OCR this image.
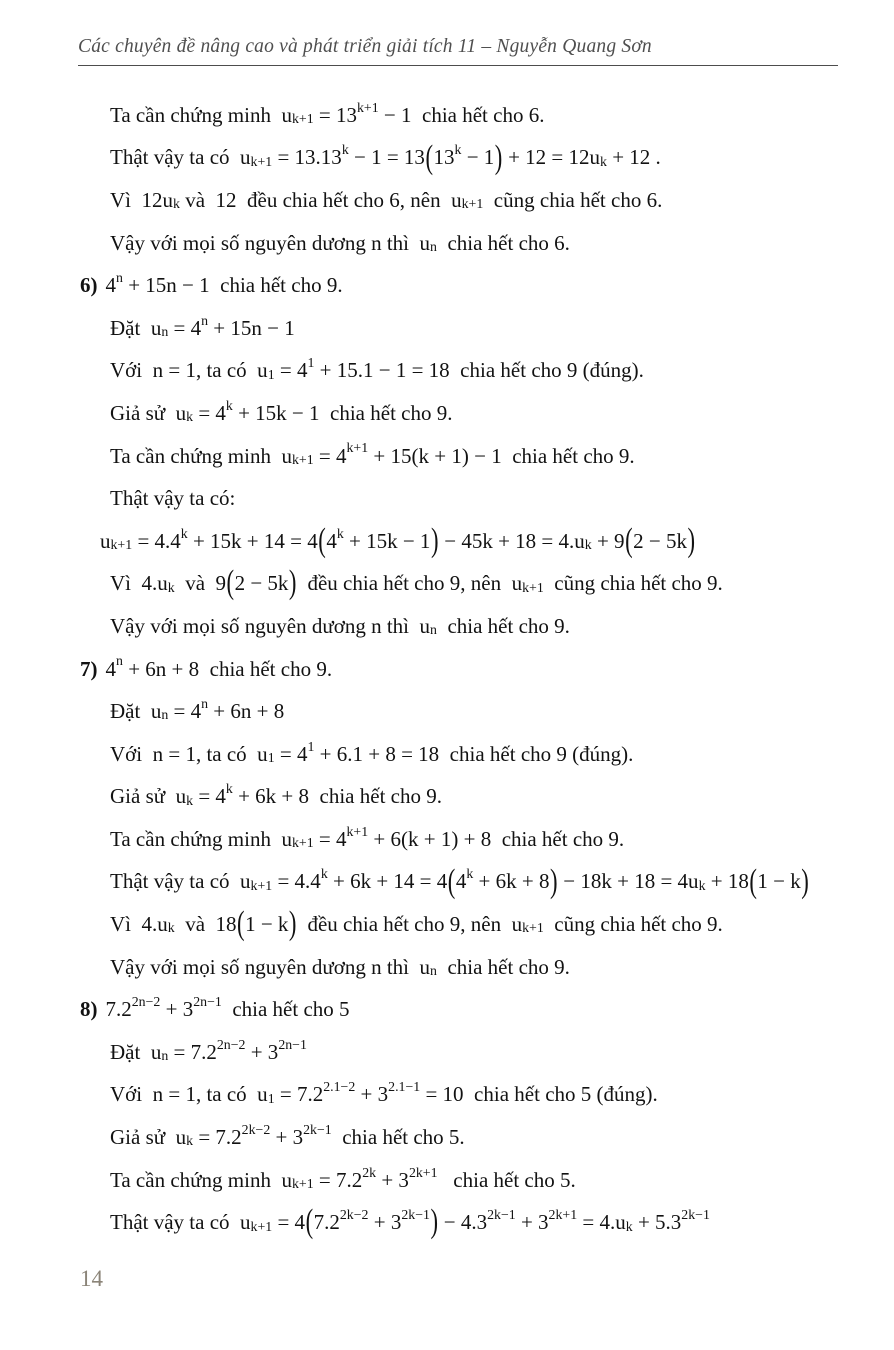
Các chuyên đề nâng cao và phát triển giải tích 11 – Nguyễn Quang Sơn
Ta cần chứng minh  $u_{k+1} = 13^{k+1} - 1$  chia hết cho 6.
Thật vậy ta có  $u_{k+1} = 13.13^k - 1 = 13$ ( $13^k - 1$ ) + $12 = 12u_k + 12$ .
Vì  $12u_k$ và  12  đều chia hết cho 6, nên  $u_{k+1}$ cũng chia hết cho 6.
Vậy với mọi số nguyên dương n thì  $u_n$ chia hết cho 6.
6) $4^n + 15n - 1$  chia hết cho 9.
Đặt  $u_n = 4^n + 15n - 1$
Với  n = 1, ta có  $u_1 = 4^1 + 15.1 - 1 = 18$  chia hết cho 9 (đúng).
Giả sử  $u_k = 4^k + 15k - 1$  chia hết cho 9.
Ta cần chứng minh  $u_{k+1} = 4^{k+1} + 15(k + 1) - 1$  chia hết cho 9.
Thật vậy ta có:
$u_{k+1} = 4.4^k + 15k + 14 = 4$ ( $4^k + 15k - 1$ ) − $45k + 18 = 4.u_k + 9$ ( 2 − 5k )
Vì  $4.u_k$ và  9 ( 2 − 5k ) đều chia hết cho 9, nên  $u_{k+1}$ cũng chia hết cho 9.
Vậy với mọi số nguyên dương n thì  $u_n$ chia hết cho 9.
7) $4^n + 6n + 8$  chia hết cho 9.
Đặt  $u_n = 4^n + 6n + 8$
Với  n = 1, ta có  $u_1 = 4^1 + 6.1 + 8 = 18$  chia hết cho 9 (đúng).
Giả sử  $u_k = 4^k + 6k + 8$  chia hết cho 9.
Ta cần chứng minh  $u_{k+1} = 4^{k+1} + 6(k + 1) + 8$  chia hết cho 9.
Thật vậy ta có  $u_{k+1} = 4.4^k + 6k + 14 = 4$ ( $4^k + 6k + 8$ ) − $18k + 18 = 4u_k + 18$ ( 1 − k )
Vì  $4.u_k$ và  18 ( 1 − k ) đều chia hết cho 9, nên  $u_{k+1}$ cũng chia hết cho 9.
Vậy với mọi số nguyên dương n thì  $u_n$ chia hết cho 9.
8) $7.2^{2n-2} + 3^{2n-1}$ chia hết cho 5
Đặt  $u_n = 7.2^{2n-2} + 3^{2n-1}$
Với  n = 1, ta có  $u_1 = 7.2^{2.1-2} + 3^{2.1-1} = 10$  chia hết cho 5 (đúng).
Giả sử  $u_k = 7.2^{2k-2} + 3^{2k-1}$ chia hết cho 5.
Ta cần chứng minh  $u_{k+1} = 7.2^{2k} + 3^{2k+1}$ chia hết cho 5.
Thật vậy ta có  $u_{k+1} = 4$ ( $7.2^{2k-2} + 3^{2k-1}$ ) − $4.3^{2k-1} + 3^{2k+1} = 4.u_k + 5.3^{2k-1}$
14
